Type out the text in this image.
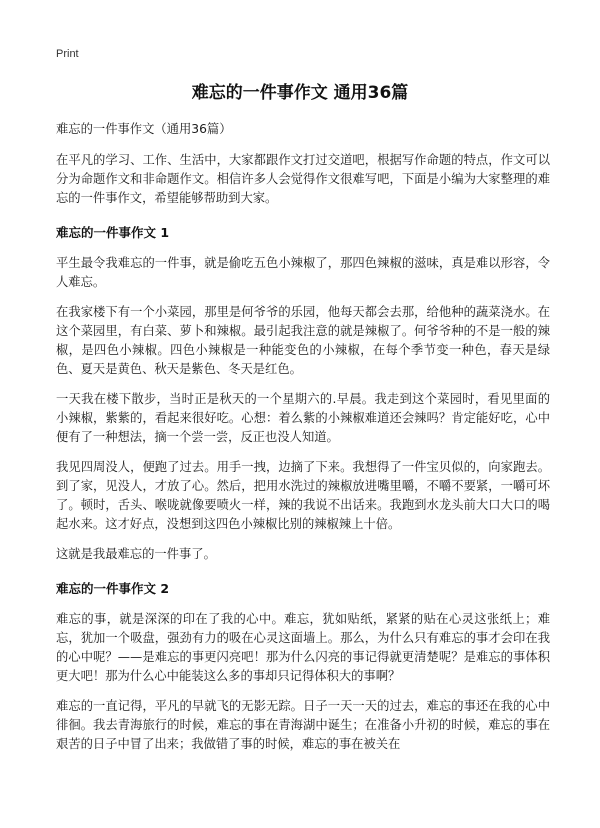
Print
难忘的一件事作文 通用36篇

难忘的一件事作文（通用36篇）

在平凡的学习、工作、生活中，大家都跟作文打过交道吧，根据写作命题的特点，作文可以分为命题作文和非命题作文。相信许多人会觉得作文很难写吧，下面是小编为大家整理的难忘的一件事作文，希望能够帮助到大家。

难忘的一件事作文 1

平生最令我难忘的一件事，就是偷吃五色小辣椒了，那四色辣椒的滋味，真是难以形容，令人难忘。

在我家楼下有一个小菜园，那里是何爷爷的乐园，他每天都会去那，给他种的蔬菜浇水。在这个菜园里，有白菜、萝卜和辣椒。最引起我注意的就是辣椒了。何爷爷种的不是一般的辣椒，是四色小辣椒。四色小辣椒是一种能变色的小辣椒，在每个季节变一种色，春天是绿色、夏天是黄色、秋天是紫色、冬天是红色。

一天我在楼下散步，当时正是秋天的一个星期六的.早晨。我走到这个菜园时，看见里面的小辣椒，紫紫的，看起来很好吃。心想：着么紫的小辣椒难道还会辣吗？肯定能好吃，心中便有了一种想法，摘一个尝一尝，反正也没人知道。

我见四周没人，便跑了过去。用手一拽，边摘了下来。我想得了一件宝贝似的，向家跑去。到了家，见没人，才放了心。然后，把用水洗过的辣椒放进嘴里嚼，不嚼不要紧，一嚼可坏了。顿时，舌头、喉咙就像要喷火一样，辣的我说不出话来。我跑到水龙头前大口大口的喝起水来。这才好点，没想到这四色小辣椒比别的辣椒辣上十倍。

这就是我最难忘的一件事了。

难忘的一件事作文 2

难忘的事，就是深深的印在了我的心中。难忘，犹如贴纸，紧紧的贴在心灵这张纸上；难忘，犹加一个吸盘，强劲有力的吸在心灵这面墙上。那么，为什么只有难忘的事才会印在我的心中呢？——是难忘的事更闪亮吧！那为什么闪亮的事记得就更清楚呢？是难忘的事体积更大吧！那为什么心中能装这么多的事却只记得体积大的事啊？

难忘的一直记得，平凡的早就飞的无影无踪。日子一天一天的过去，难忘的事还在我的心中徘徊。我去青海旅行的时候，难忘的事在青海湖中诞生；在准备小升初的时候，难忘的事在艰苦的日子中冒了出来；我做错了事的时候，难忘的事在被关在
